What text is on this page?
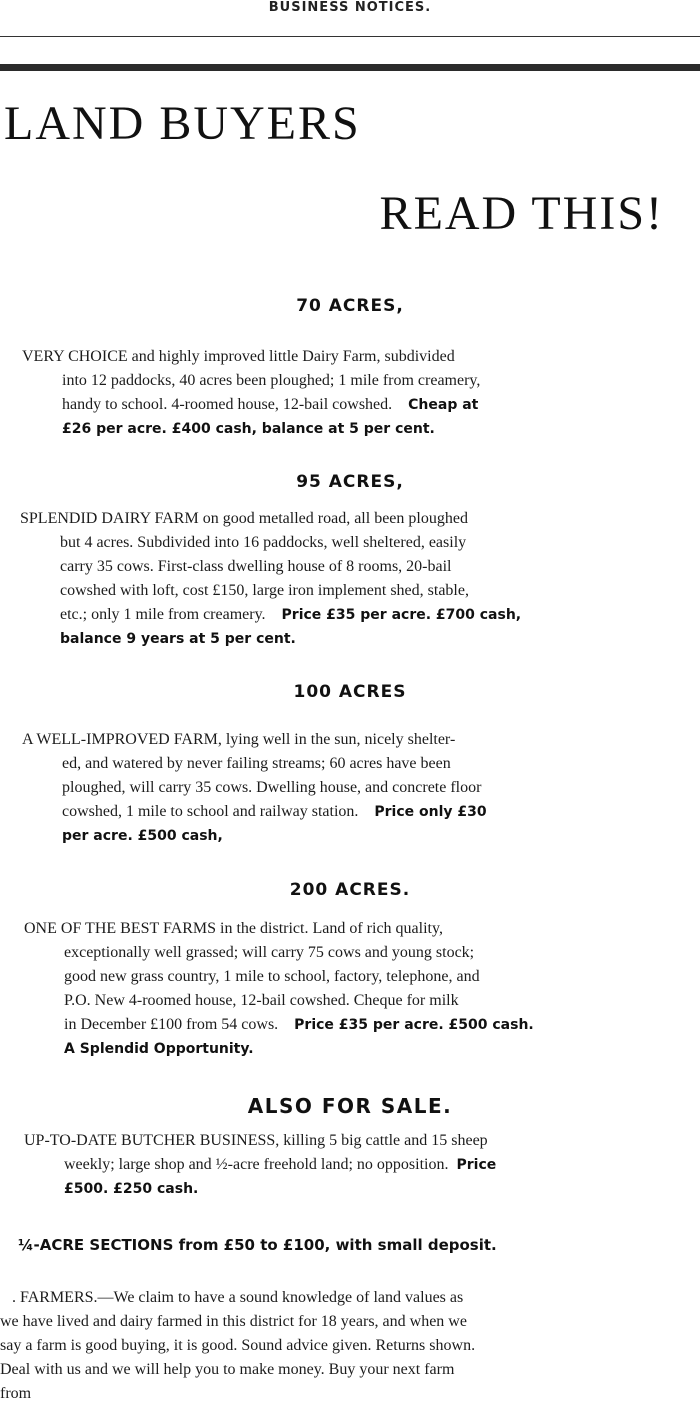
BUSINESS NOTICES.
LAND BUYERS
READ THIS!
70 ACRES,
VERY CHOICE and highly improved little Dairy Farm, subdivided
into 12 paddocks, 40 acres been ploughed; 1 mile from creamery,
handy to school. 4-roomed house, 12-bail cowshed. Cheap at
£26 per acre. £400 cash, balance at 5 per cent.
95 ACRES,
SPLENDID DAIRY FARM on good metalled road, all been ploughed
but 4 acres. Subdivided into 16 paddocks, well sheltered, easily
carry 35 cows. First-class dwelling house of 8 rooms, 20-bail
cowshed with loft, cost £150, large iron implement shed, stable,
etc.; only 1 mile from creamery. Price £35 per acre. £700 cash,
balance 9 years at 5 per cent.
100 ACRES
A WELL-IMPROVED FARM, lying well in the sun, nicely shelter-
ed, and watered by never failing streams; 60 acres have been
ploughed, will carry 35 cows. Dwelling house, and concrete floor
cowshed, 1 mile to school and railway station. Price only £30
per acre. £500 cash,
200 ACRES.
ONE OF THE BEST FARMS in the district. Land of rich quality,
exceptionally well grassed; will carry 75 cows and young stock;
good new grass country, 1 mile to school, factory, telephone, and
P.O. New 4-roomed house, 12-bail cowshed. Cheque for milk
in December £100 from 54 cows. Price £35 per acre. £500 cash.
A Splendid Opportunity.
ALSO FOR SALE.
UP-TO-DATE BUTCHER BUSINESS, killing 5 big cattle and 15 sheep
weekly; large shop and ½-acre freehold land; no opposition. Price
£500. £250 cash.
¼-ACRE SECTIONS from £50 to £100, with small deposit.
. FARMERS.—We claim to have a sound knowledge of land values as
we have lived and dairy farmed in this district for 18 years, and when we
say a farm is good buying, it is good. Sound advice given. Returns shown.
Deal with us and we will help you to make money. Buy your next farm
from
